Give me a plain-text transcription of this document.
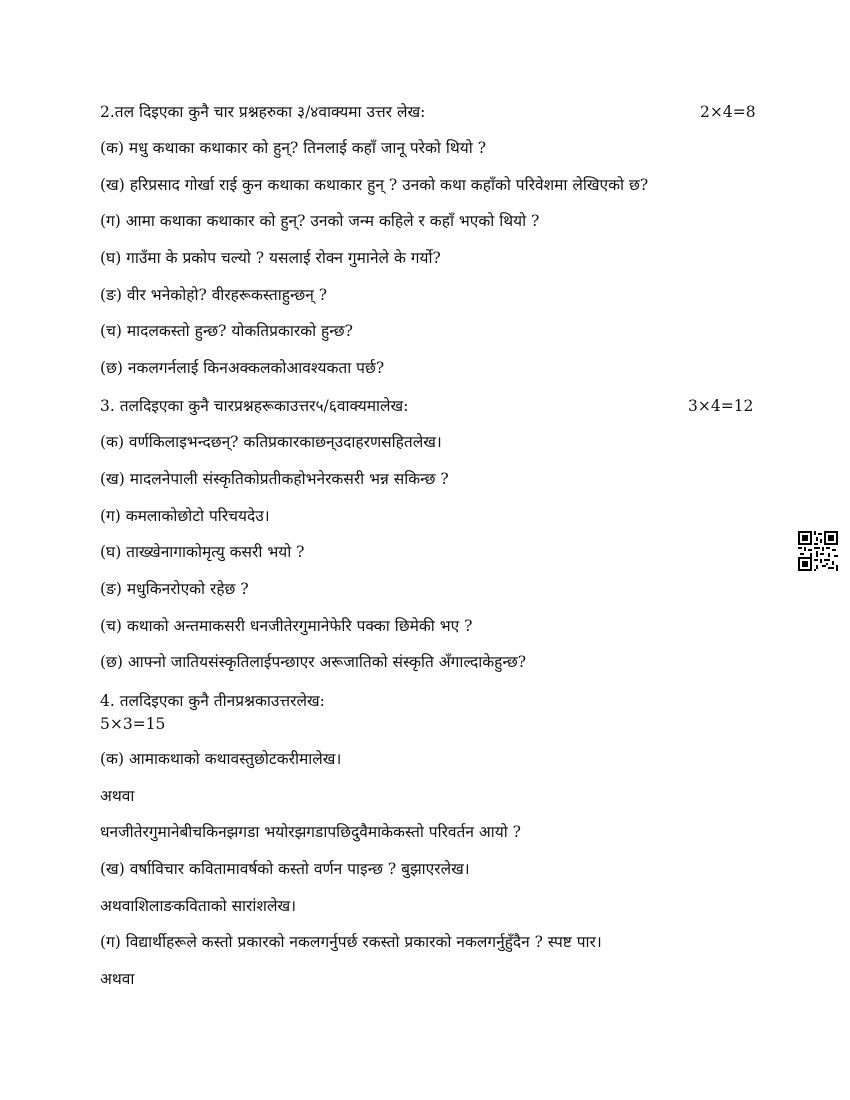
2.तल दिइएका कुनै चार प्रश्नहरुका ३/४वाक्यमा उत्तर लेख:	2×4=8
(क) मधु कथाका कथाकार को हुन्? तिनलाई कहाँ जानू परेको थियो ?
(ख) हरिप्रसाद गोर्खा राई कुन कथाका कथाकार हुन् ? उनको कथा कहाँको परिवेशमा लेखिएको छ?
(ग) आमा कथाका कथाकार को हुन्? उनको जन्म कहिले र कहाँ भएको थियो ?
(घ) गाउँमा के प्रकोप चल्यो ? यसलाई रोक्न गुमानेले के गर्यो?
(ङ) वीर भनेकोहो? वीरहरूकस्ताहुन्छन् ?
(च) मादलकस्तो हुन्छ? योकतिप्रकारको हुन्छ?
(छ) नकलगर्नलाई किनअक्कलकोआवश्यकता पर्छ?
3. तलदिइएका कुनै चारप्रश्नहरूकाउत्तर५/६वाक्यमालेख:	3×4=12
(क) वर्णकिलाइभन्दछन्? कतिप्रकारकाछन्उदाहरणसहितलेख।
(ख) मादलनेपाली संस्कृतिकोप्रतीकहोभनेरकसरी भन्न सकिन्छ ?
(ग) कमलाकोछोटो परिचयदेउ।
(घ) ताख्खेनागाकोमृत्यु कसरी भयो ?
(ङ) मधुकिनरोएको रहेछ ?
(च) कथाको अन्तमाकसरी धनजीतेरगुमानेफेरि पक्का छिमेकी भए ?
(छ) आफ्नो जातियसंस्कृतिलाईपन्छाएर अरूजातिको संस्कृति अँगाल्दाकेहुन्छ?
4. तलदिइएका कुनै तीनप्रश्नकाउत्तरलेख:
5×3=15
(क) आमाकथाको कथावस्तुछोटकरीमालेख।
अथवा
धनजीतेरगुमानेबीचकिनझगडा भयोरझगडापछिदुवैमाकेकस्तो परिवर्तन आयो ?
(ख) वर्षाविचार कवितामावर्षको कस्तो वर्णन पाइन्छ ? बुझाएरलेख।
अथवाशिलाङकविताको सारांशलेख।
(ग) विद्यार्थीहरूले कस्तो प्रकारको नकलगर्नुपर्छ रकस्तो प्रकारको नकलगर्नुहुँदैन ? स्पष्ट पार।
अथवा
